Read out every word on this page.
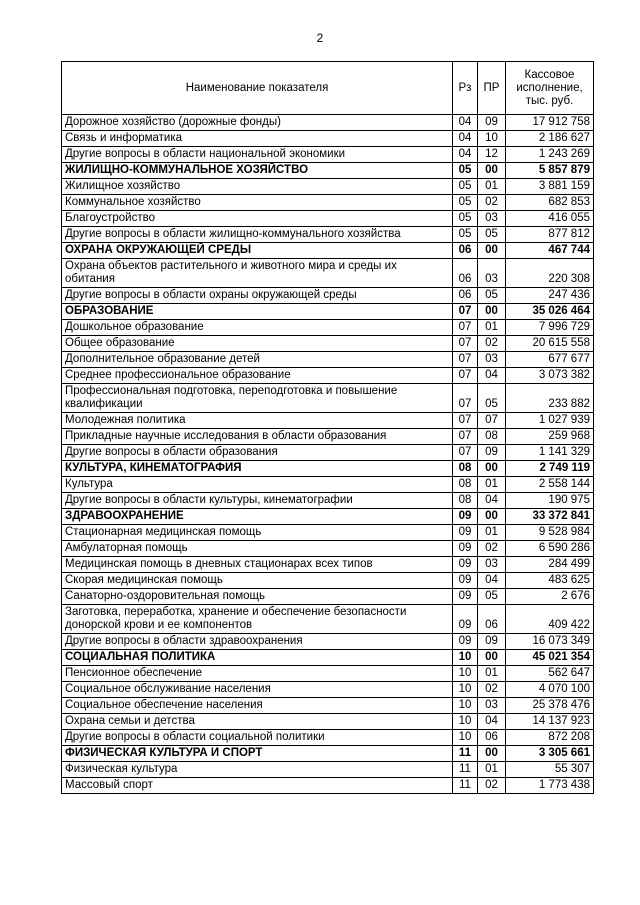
2
Наименование показателя	Рз	ПР	Кассовое исполнение, тыс. руб.
Дорожное хозяйство (дорожные фонды)	04	09	17 912 758
Связь и информатика	04	10	2 186 627
Другие вопросы в области национальной экономики	04	12	1 243 269
ЖИЛИЩНО-КОММУНАЛЬНОЕ ХОЗЯЙСТВО	05	00	5 857 879
Жилищное хозяйство	05	01	3 881 159
Коммунальное хозяйство	05	02	682 853
Благоустройство	05	03	416 055
Другие вопросы в области жилищно-коммунального хозяйства	05	05	877 812
ОХРАНА ОКРУЖАЮЩЕЙ СРЕДЫ	06	00	467 744
Охрана объектов растительного и животного мира и среды их обитания	06	03	220 308
Другие вопросы в области охраны окружающей среды	06	05	247 436
ОБРАЗОВАНИЕ	07	00	35 026 464
Дошкольное образование	07	01	7 996 729
Общее образование	07	02	20 615 558
Дополнительное образование детей	07	03	677 677
Среднее профессиональное образование	07	04	3 073 382
Профессиональная подготовка, переподготовка и повышение квалификации	07	05	233 882
Молодежная политика	07	07	1 027 939
Прикладные научные исследования в области образования	07	08	259 968
Другие вопросы в области образования	07	09	1 141 329
КУЛЬТУРА, КИНЕМАТОГРАФИЯ	08	00	2 749 119
Культура	08	01	2 558 144
Другие вопросы в области культуры, кинематографии	08	04	190 975
ЗДРАВООХРАНЕНИЕ	09	00	33 372 841
Стационарная медицинская помощь	09	01	9 528 984
Амбулаторная помощь	09	02	6 590 286
Медицинская помощь в дневных стационарах всех типов	09	03	284 499
Скорая медицинская помощь	09	04	483 625
Санаторно-оздоровительная помощь	09	05	2 676
Заготовка, переработка, хранение и обеспечение безопасности донорской крови и ее компонентов	09	06	409 422
Другие вопросы в области здравоохранения	09	09	16 073 349
СОЦИАЛЬНАЯ ПОЛИТИКА	10	00	45 021 354
Пенсионное обеспечение	10	01	562 647
Социальное обслуживание населения	10	02	4 070 100
Социальное обеспечение населения	10	03	25 378 476
Охрана семьи и детства	10	04	14 137 923
Другие вопросы в области социальной политики	10	06	872 208
ФИЗИЧЕСКАЯ КУЛЬТУРА И СПОРТ	11	00	3 305 661
Физическая культура	11	01	55 307
Массовый спорт	11	02	1 773 438
